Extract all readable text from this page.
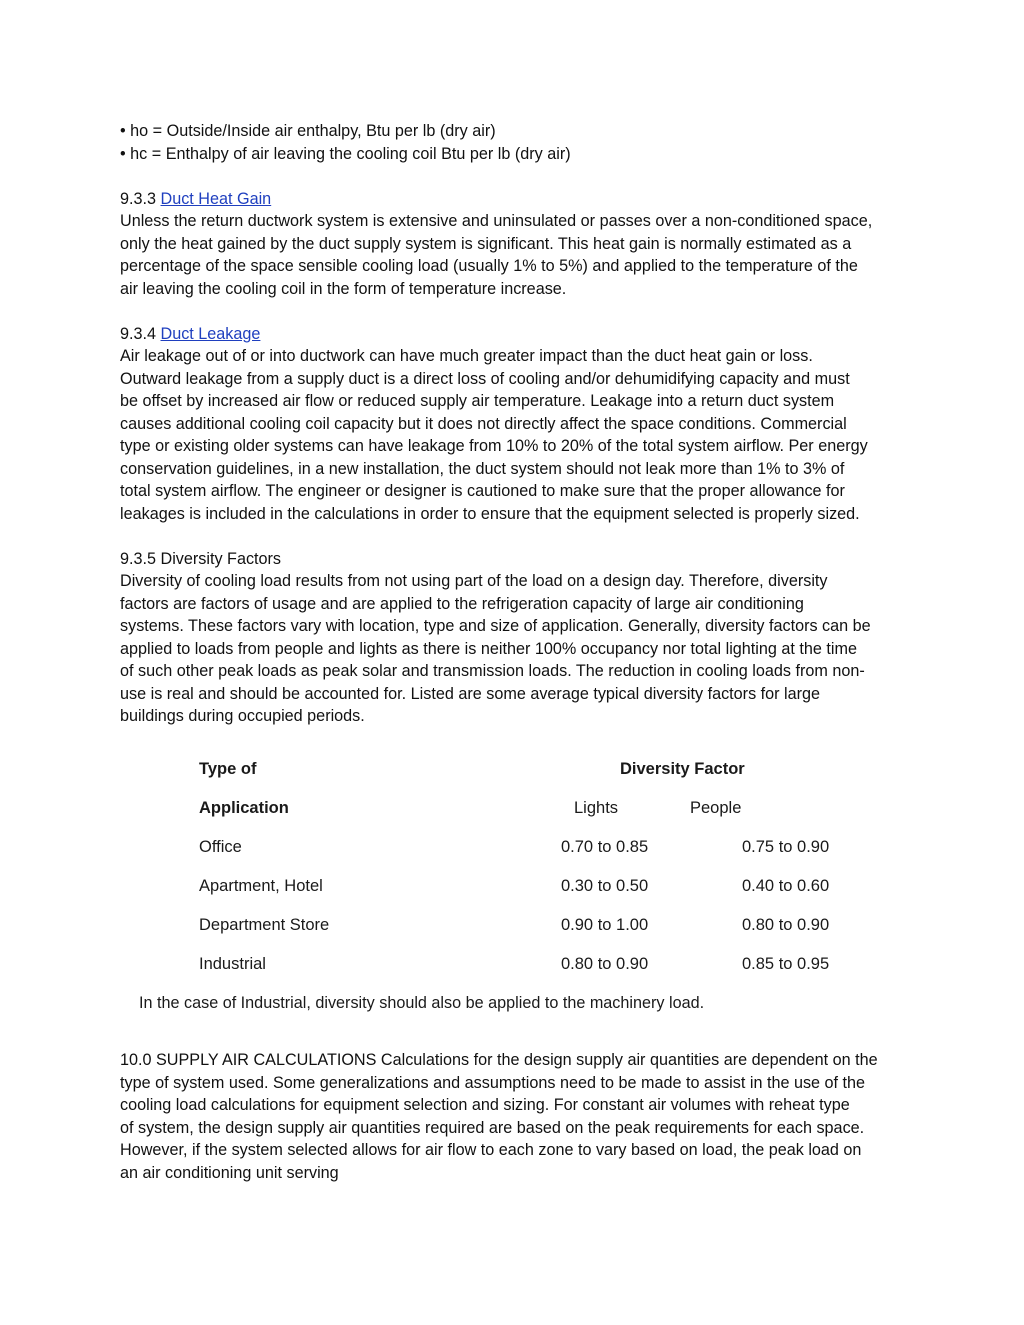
• ho = Outside/Inside air enthalpy, Btu per lb (dry air)
• hc = Enthalpy of air leaving the cooling coil Btu per lb (dry air)
9.3.3 Duct Heat Gain
Unless the return ductwork system is extensive and uninsulated or passes over a non-conditioned space,
only the heat gained by the duct supply system is significant. This heat gain is normally estimated as a
percentage of the space sensible cooling load (usually 1% to 5%) and applied to the temperature of the
air leaving the cooling coil in the form of temperature increase.
9.3.4 Duct Leakage
Air leakage out of or into ductwork can have much greater impact than the duct heat gain or loss.
Outward leakage from a supply duct is a direct loss of cooling and/or dehumidifying capacity and must
be offset by increased air flow or reduced supply air temperature. Leakage into a return duct system
causes additional cooling coil capacity but it does not directly affect the space conditions. Commercial
type or existing older systems can have leakage from 10% to 20% of the total system airflow. Per energy
conservation guidelines, in a new installation, the duct system should not leak more than 1% to 3% of
total system airflow. The engineer or designer is cautioned to make sure that the proper allowance for
leakages is included in the calculations in order to ensure that the equipment selected is properly sized.
9.3.5 Diversity Factors
Diversity of cooling load results from not using part of the load on a design day. Therefore, diversity
factors are factors of usage and are applied to the refrigeration capacity of large air conditioning
systems. These factors vary with location, type and size of application. Generally, diversity factors can be
applied to loads from people and lights as there is neither 100% occupancy nor total lighting at the time
of such other peak loads as peak solar and transmission loads. The reduction in cooling loads from non-
use is real and should be accounted for. Listed are some average typical diversity factors for large
buildings during occupied periods.
Type of	Diversity Factor
Application	Lights	People
Office	0.70 to 0.85	0.75 to 0.90
Apartment, Hotel	0.30 to 0.50	0.40 to 0.60
Department Store	0.90 to 1.00	0.80 to 0.90
Industrial	0.80 to 0.90	0.85 to 0.95
In the case of Industrial, diversity should also be applied to the machinery load.
10.0 SUPPLY AIR CALCULATIONS Calculations for the design supply air quantities are dependent on the
type of system used. Some generalizations and assumptions need to be made to assist in the use of the
cooling load calculations for equipment selection and sizing. For constant air volumes with reheat type
of system, the design supply air quantities required are based on the peak requirements for each space.
However, if the system selected allows for air flow to each zone to vary based on load, the peak load on
an air conditioning unit serving
